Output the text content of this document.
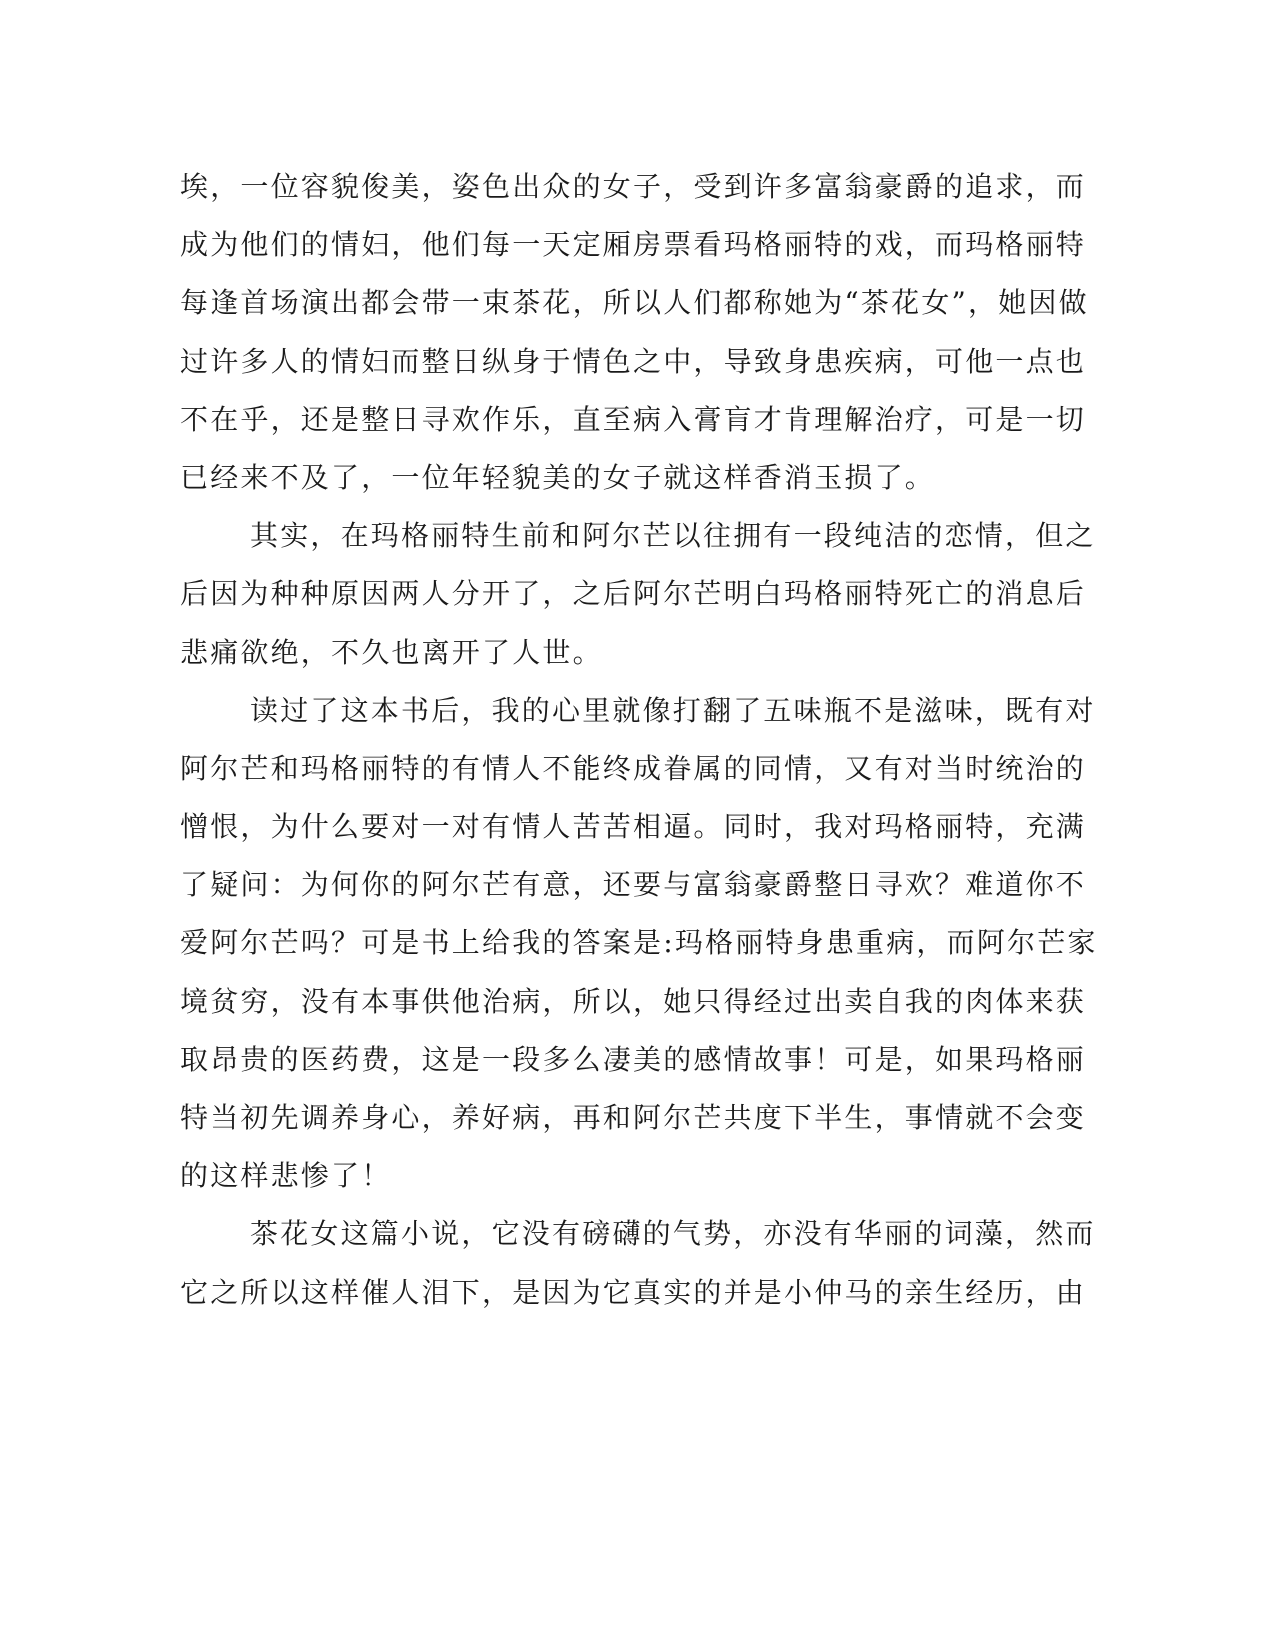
埃，一位容貌俊美，姿色出众的女子，受到许多富翁豪爵的追求，而
成为他们的情妇，他们每一天定厢房票看玛格丽特的戏，而玛格丽特
每逢首场演出都会带一束茶花，所以人们都称她为“茶花女”，她因做
过许多人的情妇而整日纵身于情色之中，导致身患疾病，可他一点也
不在乎，还是整日寻欢作乐，直至病入膏肓才肯理解治疗，可是一切
已经来不及了，一位年轻貌美的女子就这样香消玉损了。
其实，在玛格丽特生前和阿尔芒以往拥有一段纯洁的恋情，但之
后因为种种原因两人分开了，之后阿尔芒明白玛格丽特死亡的消息后
悲痛欲绝，不久也离开了人世。
读过了这本书后，我的心里就像打翻了五味瓶不是滋味，既有对
阿尔芒和玛格丽特的有情人不能终成眷属的同情，又有对当时统治的
憎恨，为什么要对一对有情人苦苦相逼。同时，我对玛格丽特，充满
了疑问：为何你的阿尔芒有意，还要与富翁豪爵整日寻欢？难道你不
爱阿尔芒吗？可是书上给我的答案是:玛格丽特身患重病，而阿尔芒家
境贫穷，没有本事供他治病，所以，她只得经过出卖自我的肉体来获
取昂贵的医药费，这是一段多么凄美的感情故事！可是，如果玛格丽
特当初先调养身心，养好病，再和阿尔芒共度下半生，事情就不会变
的这样悲惨了！
茶花女这篇小说，它没有磅礴的气势，亦没有华丽的词藻，然而
它之所以这样催人泪下，是因为它真实的并是小仲马的亲生经历，由
